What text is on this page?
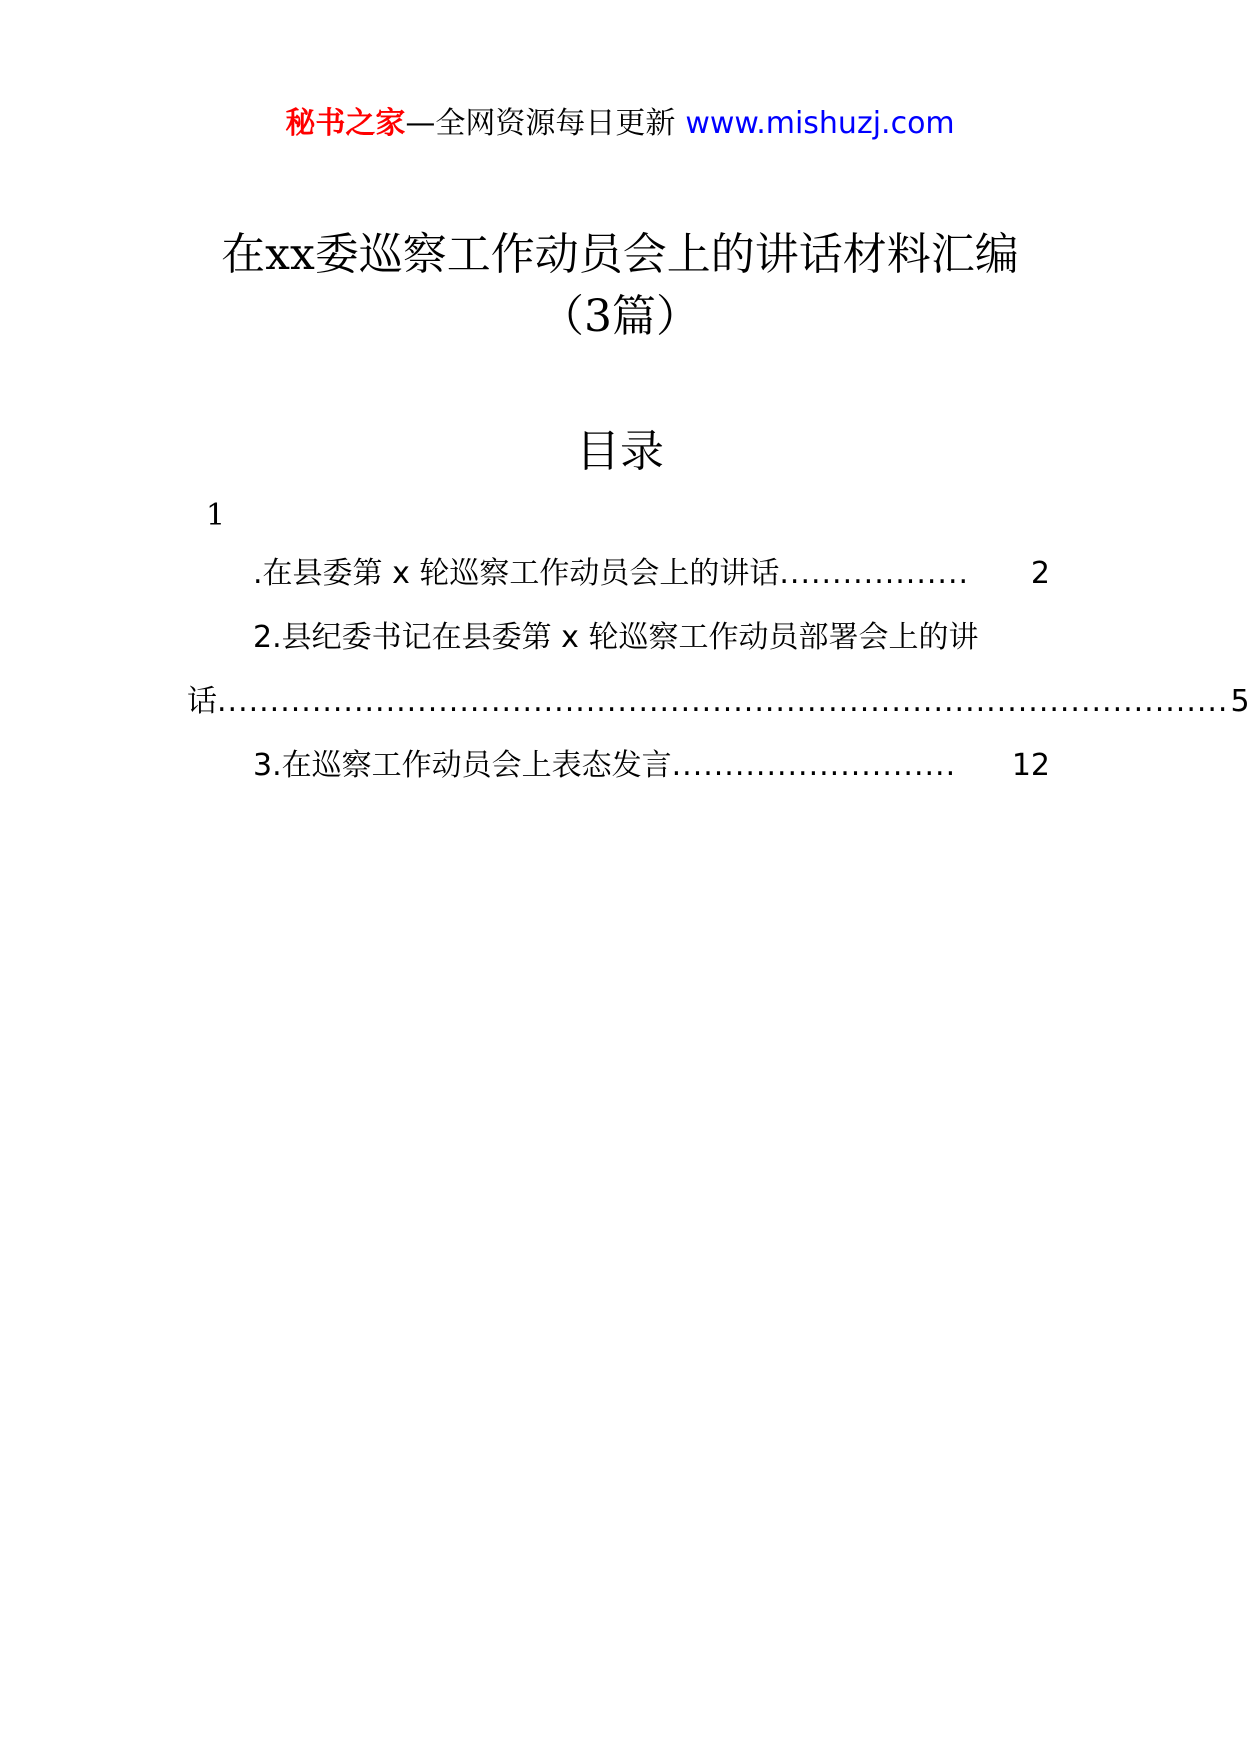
秘书之家—全网资源每日更新 www.mishuzj.com
在xx委巡察工作动员会上的讲话材料汇编
（3篇）
目录
1
.在县委第 x 轮巡察工作动员会上的讲话 ..................	2
2.县纪委书记在县委第 x 轮巡察工作动员部署会上的讲
话 ................................................................................................ 5
3.在巡察工作动员会上表态发言 ...........................	12
